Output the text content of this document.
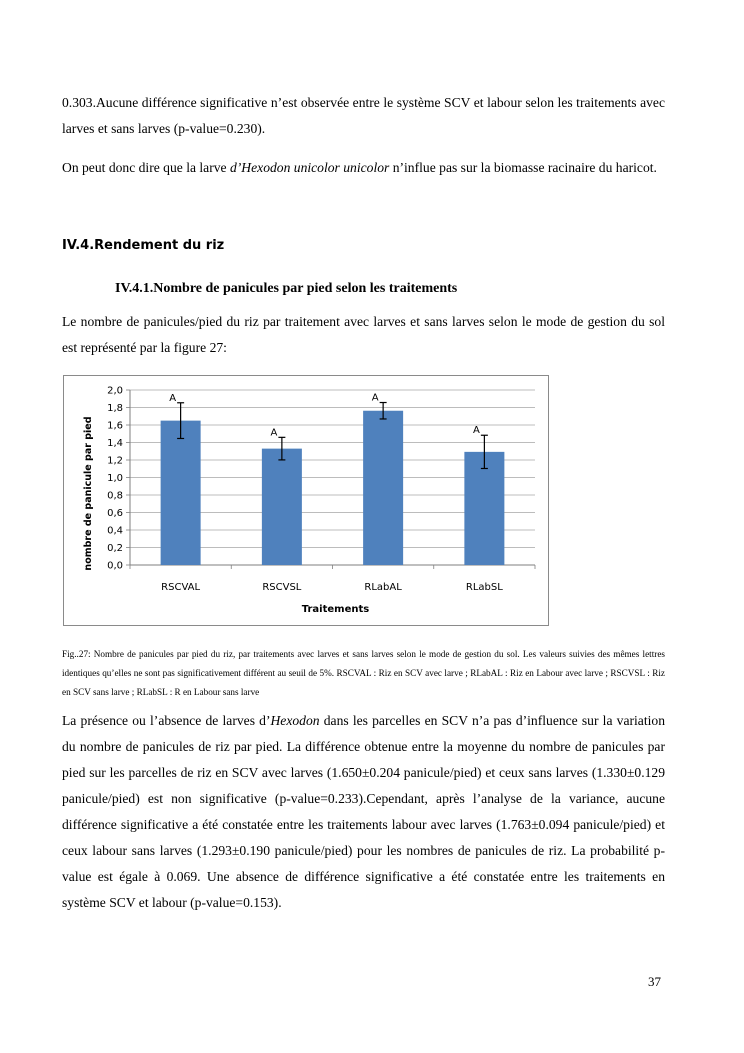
0.303.Aucune différence significative n’est observée entre le système SCV et labour selon les traitements avec larves et sans larves (p-value=0.230).

On peut donc dire que la larve d’Hexodon unicolor unicolor n’influe pas sur la biomasse racinaire du haricot.

IV.4.Rendement du riz
IV.4.1.Nombre de panicules par pied selon les traitements

Le nombre de panicules/pied du riz par traitement avec larves et sans larves selon le mode de gestion du sol est représenté par la figure 27:

0,0
0,2
0,4
0,6
0,8
1,0
1,2
1,4
1,6
1,8
2,0
A
RSCVAL
A
RSCVSL
A
RLabAL
A
RLabSL
Traitements
nombre de panicule par pied

Fig..27: Nombre de panicules par pied du riz, par traitements avec larves et sans larves selon le mode de gestion du sol. Les valeurs suivies des mêmes lettres identiques qu’elles ne sont pas significativement différent au seuil de 5%. RSCVAL : Riz en SCV avec larve ; RLabAL : Riz en Labour avec larve ; RSCVSL : Riz en SCV sans larve ; RLabSL : R en Labour sans larve

La présence ou l’absence de larves d’Hexodon dans les parcelles en SCV n’a pas d’influence sur la variation du nombre de panicules de riz par pied. La différence obtenue entre la moyenne du nombre de panicules par pied sur les parcelles de riz en SCV avec larves (1.650±0.204 panicule/pied) et ceux sans larves (1.330±0.129 panicule/pied) est non significative (p-value=0.233).Cependant, après l’analyse de la variance, aucune différence significative a été constatée entre les traitements labour avec larves (1.763±0.094 panicule/pied) et ceux labour sans larves (1.293±0.190 panicule/pied) pour les nombres de panicules de riz. La probabilité p-value est égale à 0.069. Une absence de différence significative a été constatée entre les traitements en système SCV et labour (p-value=0.153).

37
